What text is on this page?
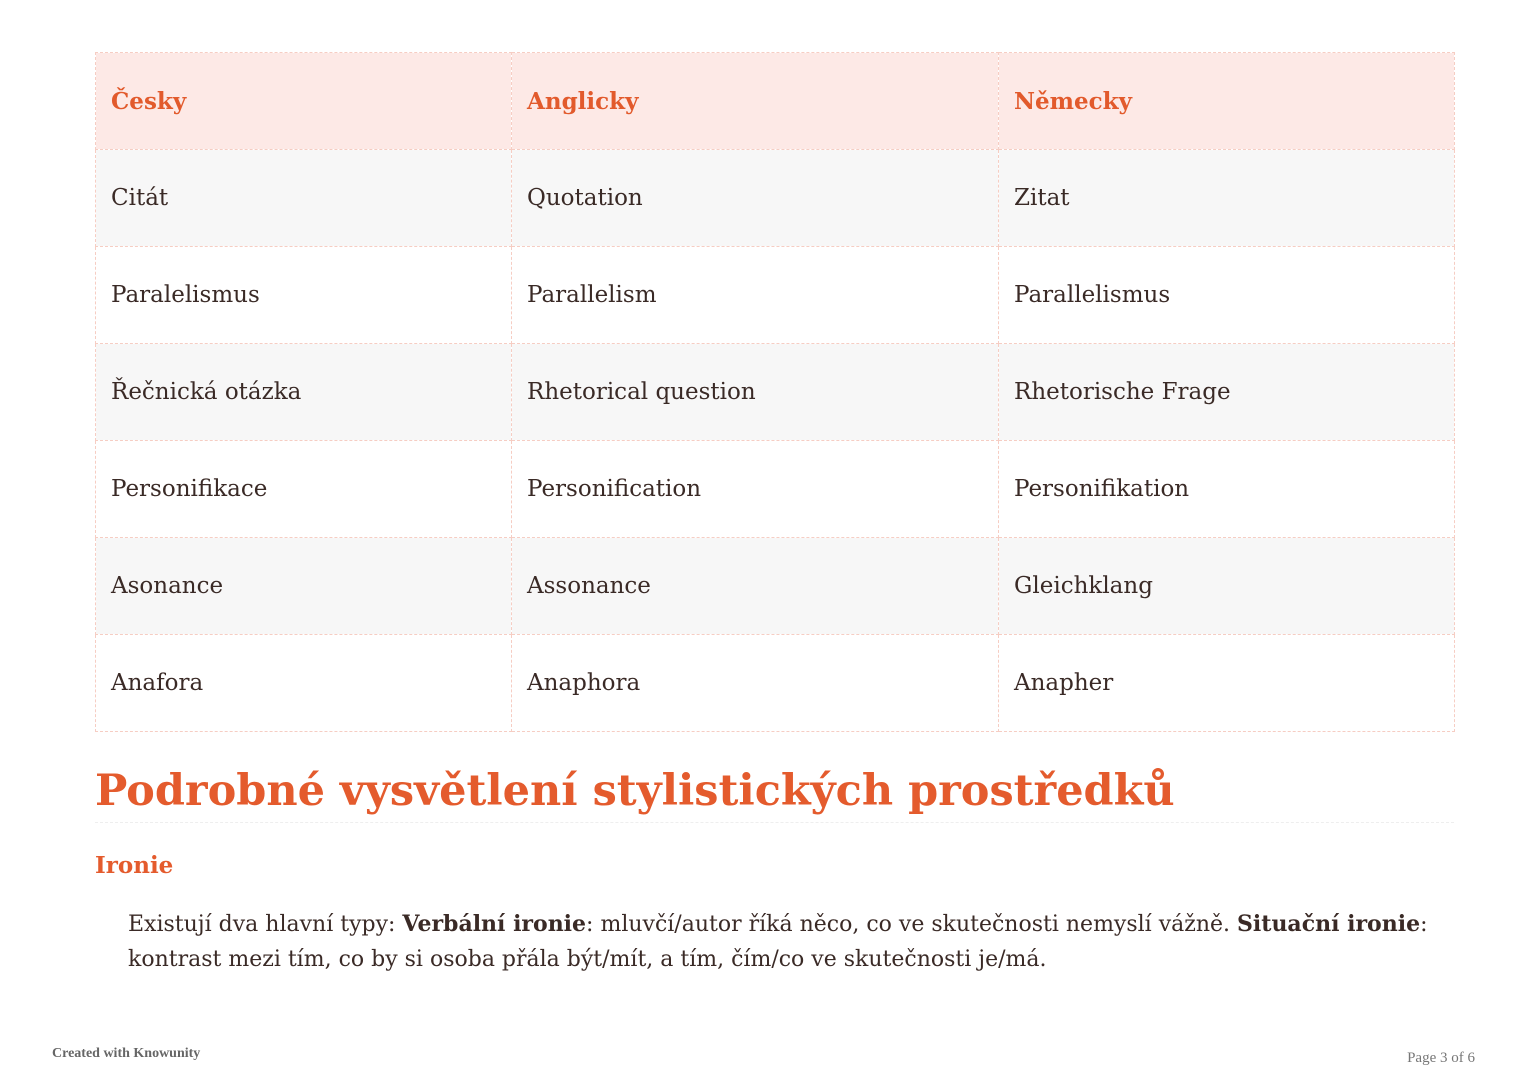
Česky	Anglicky	Německy
Citát	Quotation	Zitat
Paralelismus	Parallelism	Parallelismus
Řečnická otázka	Rhetorical question	Rhetorische Frage
Personifikace	Personification	Personifikation
Asonance	Assonance	Gleichklang
Anafora	Anaphora	Anapher
Podrobné vysvětlení stylistických prostředků
Ironie

Existují dva hlavní typy: Verbální ironie: mluvčí/autor říká něco, co ve skutečnosti nemyslí vážně. Situační ironie: kontrast mezi tím, co by si osoba přála být/mít, a tím, čím/co ve skutečnosti je/má.

Created with Knowunity	Page 3 of 6
